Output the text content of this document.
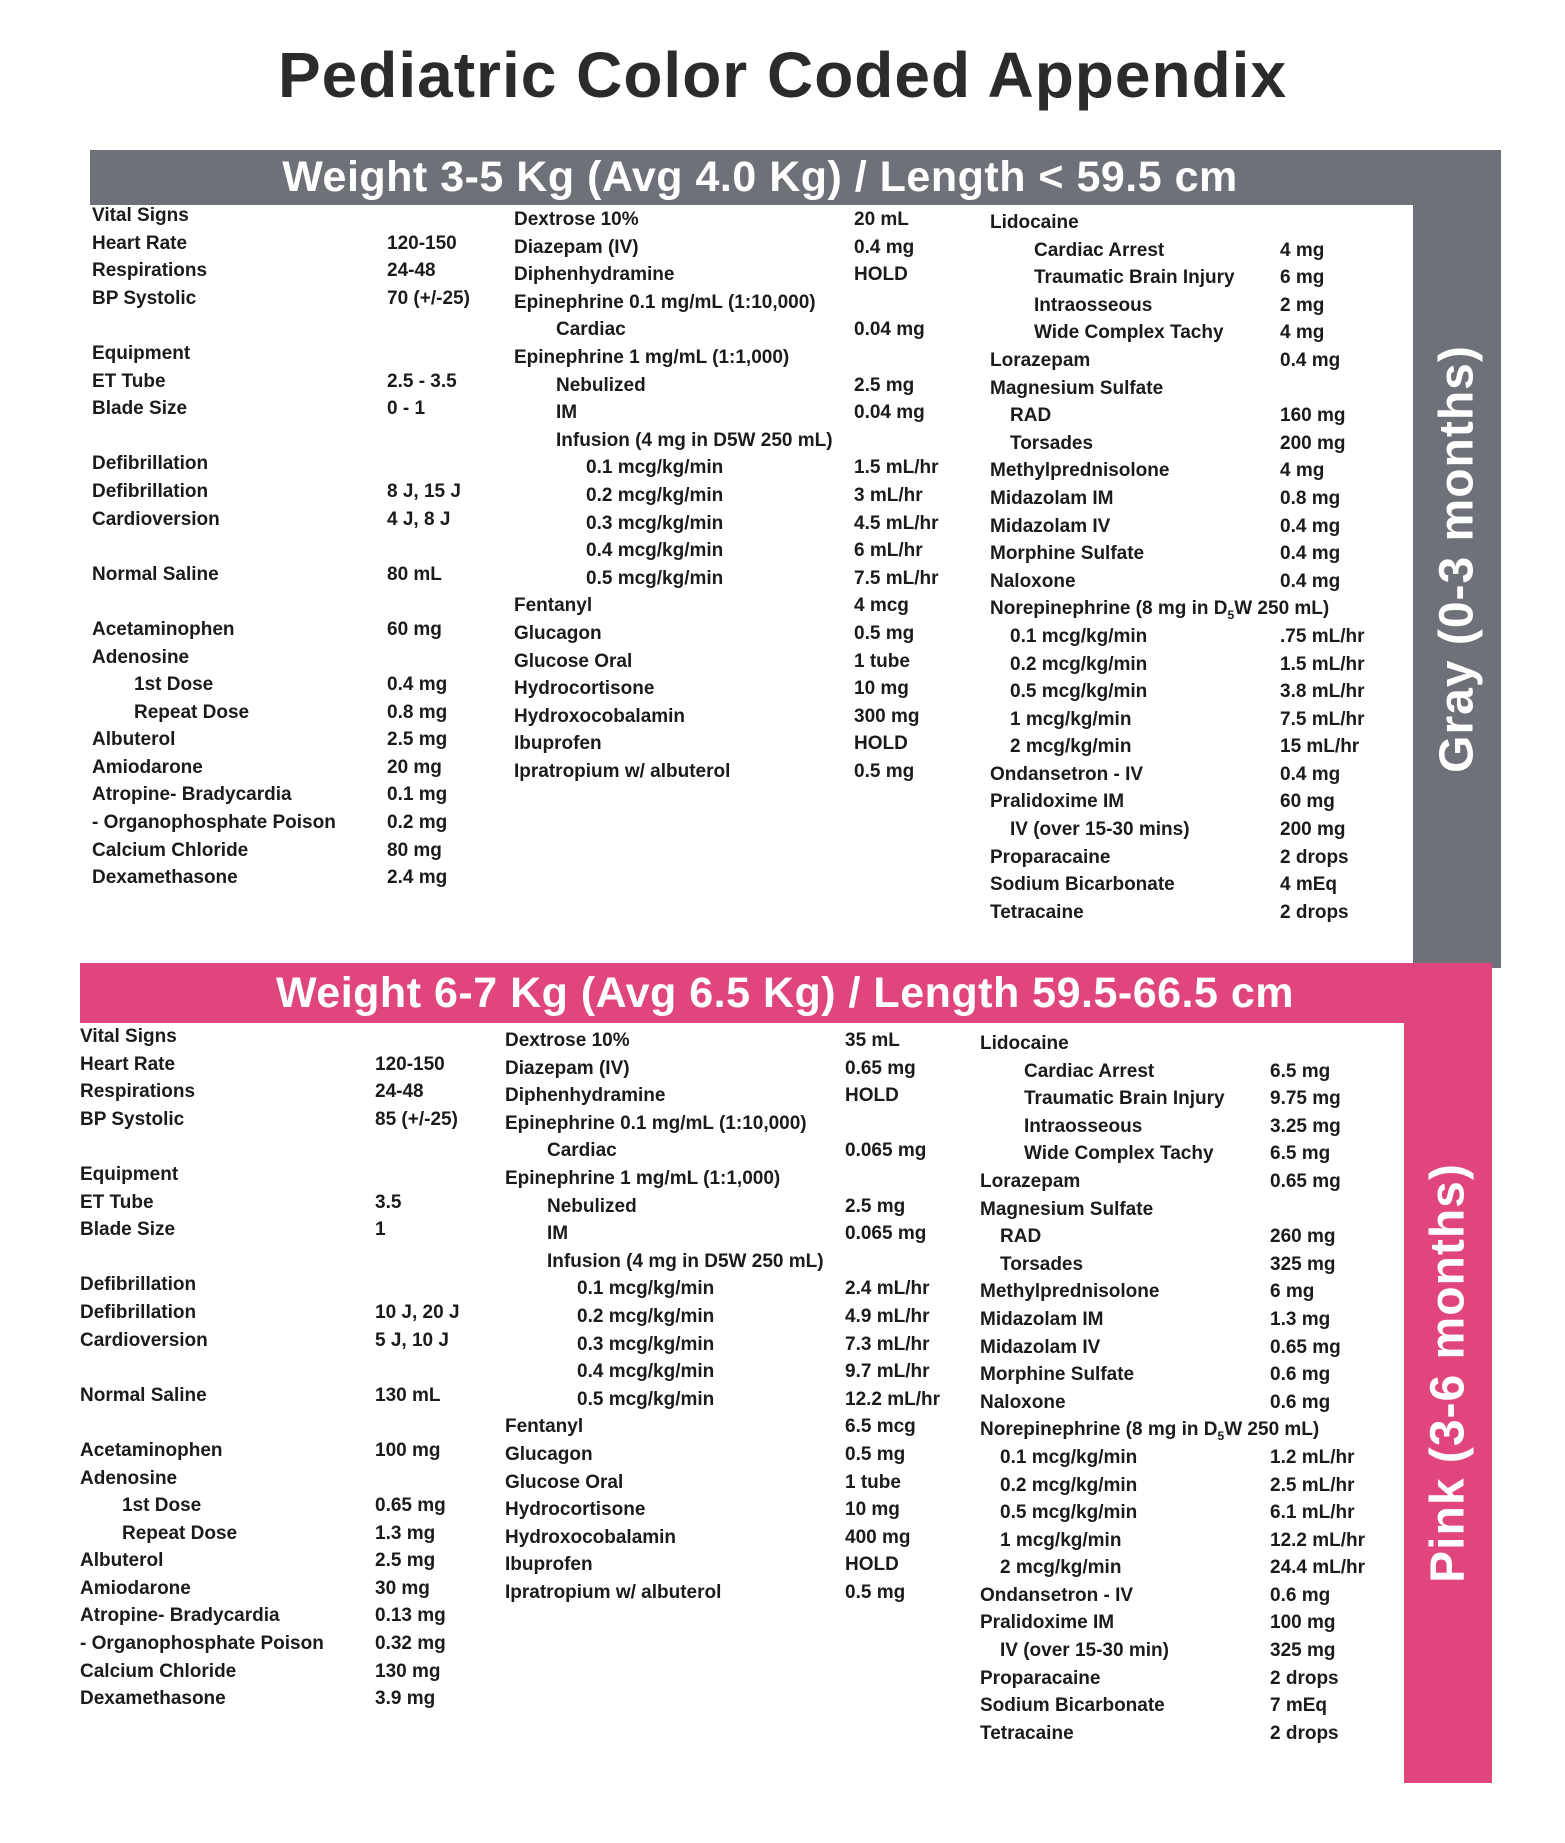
Pediatric Color Coded Appendix
Weight 3-5 Kg (Avg 4.0 Kg) / Length < 59.5 cm
Gray (0-3 months)
Vital Signs
Heart Rate	120-150
Respirations	24-48
BP Systolic	70 (+/-25)
Equipment
ET Tube	2.5 - 3.5
Blade Size	0 - 1
Defibrillation
Defibrillation	8 J, 15 J
Cardioversion	4 J, 8 J
Normal Saline	80 mL
Acetaminophen	60 mg
Adenosine
1st Dose	0.4 mg
Repeat Dose	0.8 mg
Albuterol	2.5 mg
Amiodarone	20 mg
Atropine- Bradycardia	0.1 mg
- Organophosphate Poison	0.2 mg
Calcium Chloride	80 mg
Dexamethasone	2.4 mg
Dextrose 10%	20 mL
Diazepam (IV)	0.4 mg
Diphenhydramine	HOLD
Epinephrine 0.1 mg/mL (1:10,000)
Cardiac	0.04 mg
Epinephrine 1 mg/mL (1:1,000)
Nebulized	2.5 mg
IM	0.04 mg
Infusion (4 mg in D5W 250 mL)
0.1 mcg/kg/min	1.5 mL/hr
0.2 mcg/kg/min	3 mL/hr
0.3 mcg/kg/min	4.5 mL/hr
0.4 mcg/kg/min	6 mL/hr
0.5 mcg/kg/min	7.5 mL/hr
Fentanyl	4 mcg
Glucagon	0.5 mg
Glucose Oral	1 tube
Hydrocortisone	10 mg
Hydroxocobalamin	300 mg
Ibuprofen	HOLD
Ipratropium w/ albuterol	0.5 mg
Lidocaine
Cardiac Arrest	4 mg
Traumatic Brain Injury 6 mg
Intraosseous	2 mg
Wide Complex Tachy	4 mg
Lorazepam	0.4 mg
Magnesium Sulfate
RAD	160 mg
Torsades	200 mg
Methylprednisolone	4 mg
Midazolam IM	0.8 mg
Midazolam IV	0.4 mg
Morphine Sulfate	0.4 mg
Naloxone	0.4 mg
Norepinephrine (8 mg in $D_5W$ 250 mL)
0.1 mcg/kg/min	.75 mL/hr
0.2 mcg/kg/min	1.5 mL/hr
0.5 mcg/kg/min	3.8 mL/hr
1 mcg/kg/min	7.5 mL/hr
2 mcg/kg/min	15 mL/hr
Ondansetron - IV	0.4 mg
Pralidoxime IM	60 mg
IV (over 15-30 mins)	200 mg
Proparacaine	2 drops
Sodium Bicarbonate	4 mEq
Tetracaine	2 drops
Weight 6-7 Kg (Avg 6.5 Kg) / Length 59.5-66.5 cm
Pink (3-6 months)
Vital Signs
Heart Rate	120-150
Respirations	24-48
BP Systolic	85 (+/-25)
Equipment
ET Tube	3.5
Blade Size	1
Defibrillation
Defibrillation	10 J, 20 J
Cardioversion	5 J, 10 J
Normal Saline	130 mL
Acetaminophen	100 mg
Adenosine
1st Dose	0.65 mg
Repeat Dose	1.3 mg
Albuterol	2.5 mg
Amiodarone	30 mg
Atropine- Bradycardia	0.13 mg
- Organophosphate Poison	0.32 mg
Calcium Chloride	130 mg
Dexamethasone	3.9 mg
Dextrose 10%	35 mL
Diazepam (IV)	0.65 mg
Diphenhydramine	HOLD
Epinephrine 0.1 mg/mL (1:10,000)
Cardiac	0.065 mg
Epinephrine 1 mg/mL (1:1,000)
Nebulized	2.5 mg
IM	0.065 mg
Infusion (4 mg in D5W 250 mL)
0.1 mcg/kg/min	2.4 mL/hr
0.2 mcg/kg/min	4.9 mL/hr
0.3 mcg/kg/min	7.3 mL/hr
0.4 mcg/kg/min	9.7 mL/hr
0.5 mcg/kg/min	12.2 mL/hr
Fentanyl	6.5 mcg
Glucagon	0.5 mg
Glucose Oral	1 tube
Hydrocortisone	10 mg
Hydroxocobalamin	400 mg
Ibuprofen	HOLD
Ipratropium w/ albuterol	0.5 mg
Lidocaine
Cardiac Arrest	6.5 mg
Traumatic Brain Injury 9.75 mg
Intraosseous	3.25 mg
Wide Complex Tachy	6.5 mg
Lorazepam	0.65 mg
Magnesium Sulfate
RAD	260 mg
Torsades	325 mg
Methylprednisolone	6 mg
Midazolam IM	1.3 mg
Midazolam IV	0.65 mg
Morphine Sulfate	0.6 mg
Naloxone	0.6 mg
Norepinephrine (8 mg in $D_5W$ 250 mL)
0.1 mcg/kg/min	1.2 mL/hr
0.2 mcg/kg/min	2.5 mL/hr
0.5 mcg/kg/min	6.1 mL/hr
1 mcg/kg/min	12.2 mL/hr
2 mcg/kg/min	24.4 mL/hr
Ondansetron - IV	0.6 mg
Pralidoxime IM	100 mg
IV (over 15-30 min)	325 mg
Proparacaine	2 drops
Sodium Bicarbonate	7 mEq
Tetracaine	2 drops
